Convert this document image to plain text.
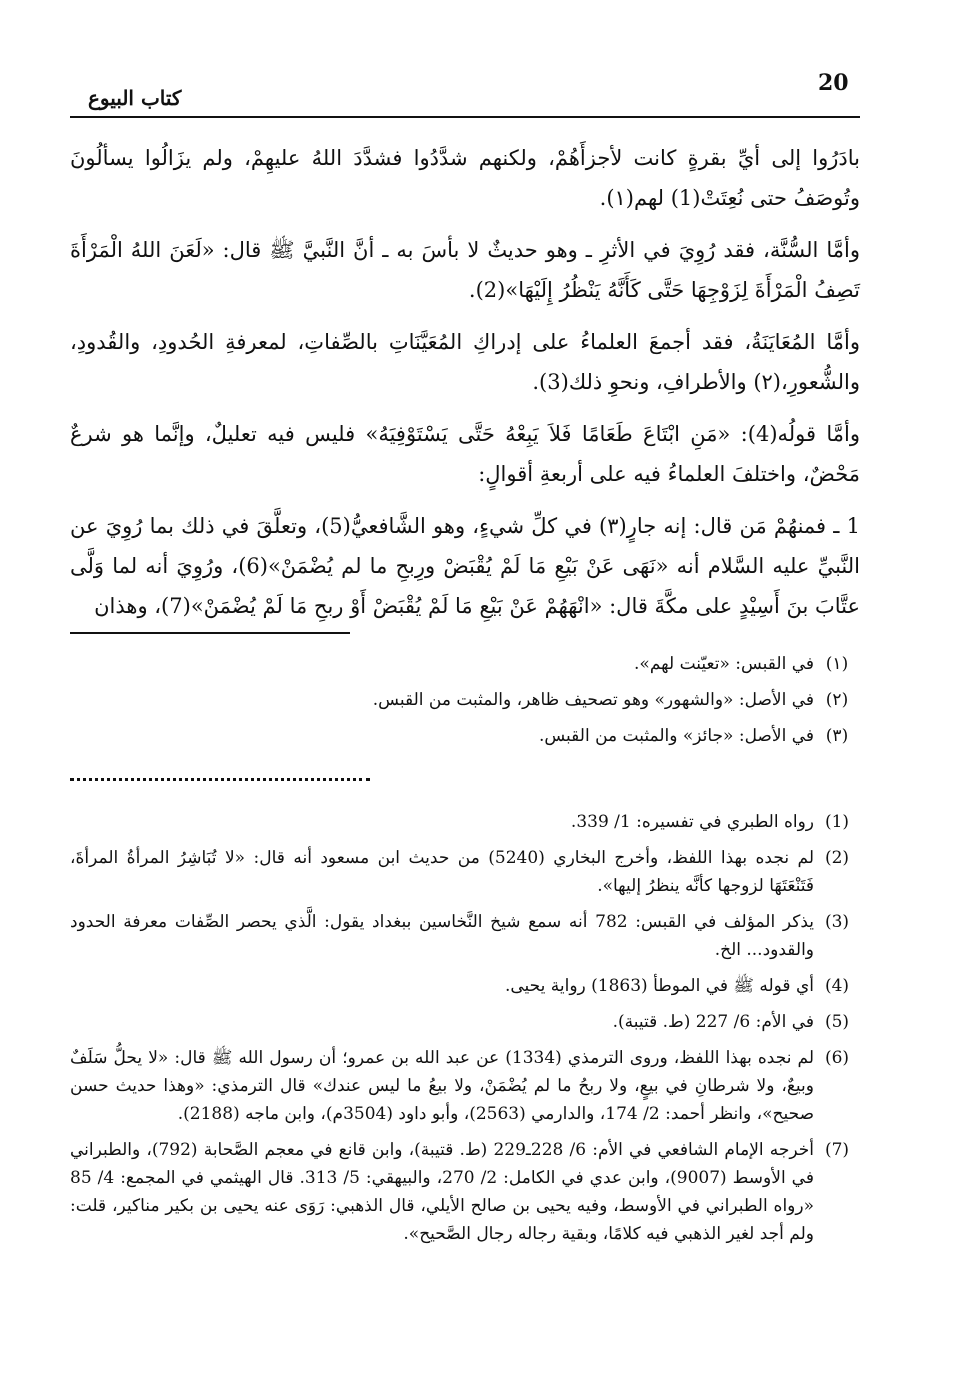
20
كتاب البيوع

بادَرُوا إلى أيِّ بقرةٍ كانت لأجزأَهُمْ، ولكنهم شدَّدُوا فشدَّدَ اللهُ عليهِمْ، ولم يزَالُوا يسألُونَ وتُوصَفُ حتى نُعِتَتْ(1) لهم(١).

وأمَّا السُّنَّة، فقد رُوِيَ في الأثرِ ـ وهو حديثٌ لا بأسَ به ـ أنَّ النَّبيَّ ﷺ قال: «لَعَنَ اللهُ الْمَرْأَةَ تَصِفُ الْمَرْأَةَ لِزَوْجِهَا حَتَّى كَأَنَّهُ يَنْظُرُ إِلَيْهَا»(2).

وأمَّا المُعَايَنَةُ، فقد أجمعَ العلماءُ على إدراكِ المُعَيَّنَاتِ بالصِّفاتِ، لمعرفةِ الحُدودِ، والقُدودِ، والشُّعورِ،(٢) والأطرافِ، ونحوِ ذلك(3).

وأمَّا قولُه(4): «مَنِ ابْتَاعَ طَعَامًا فَلاَ يَبِعْهُ حَتَّى يَسْتَوْفِيَهُ» فليس فيه تعليلٌ، وإنَّما هو شرعٌ مَحْضٌ، واختلفَ العلماءُ فيه على أربعةِ أقوالٍ:

1 ـ فمنهُمْ مَن قال: إنه جارٍ(٣) في كلِّ شيءٍ، وهو الشَّافعيُّ(5)، وتعلَّقَ في ذلك بما رُوِيَ عن النَّبيِّ عليه السَّلام أنه «نَهَى عَنْ بَيْعِ مَا لَمْ يُقْبَضْ ورِبحِ ما لم يُضْمَنْ»(6)، ورُوِيَ أنه لما وَلَّى عتَّابَ بنَ أَسِيْدٍ على مكَّةَ قال: «انْهَهُمْ عَنْ بَيْعِ مَا لَمْ يُقْبَضْ أَوْ ربحِ مَا لَمْ يُضْمَنْ»(7)، وهذان

(١)
في القبس: «تعيّنت لهم».
(٢)
في الأصل: «والشهور» وهو تصحيف ظاهر، والمثبت من القبس.
(٣)
في الأصل: «جائز» والمثبت من القبس.
(1)
رواه الطبري في تفسيره: 1/ 339.
(2)
لم نجده بهذا اللفظ، وأخرج البخاري (5240) من حديث ابن مسعود أنه قال: «لا تُبَاشِرُ المرأةُ المرأةَ، فَتَنْعَتَهَا لزوجها كأنَّه ينظرُ إليها».
(3)
يذكر المؤلف في القبس: 782 أنه سمع شيخ النَّخاسين ببغداد يقول: الَّذي يحصر الصِّفات معرفة الحدود والقدود... الخ.
(4)
أي قوله ﷺ في الموطأ (1863) رواية يحيى.
(5)
في الأم: 6/ 227 (ط. قتيبة).
(6)
لم نجده بهذا اللفظ، وروى الترمذي (1334) عن عبد الله بن عمرو؛ أن رسول الله ﷺ قال: «لا يحلُّ سَلَفٌ وبيعٌ، ولا شرطانِ في بيعٍ، ولا ربحُ ما لم يُضْمَنْ، ولا بيعُ ما ليس عندك» قال الترمذي: «وهذا حديث حسن صحيح»، وانظر أحمد: 2/ 174، والدارمي (2563)، وأبو داود (3504م)، وابن ماجه (2188).
(7)
أخرجه الإمام الشافعي في الأم: 6/ 228ـ229 (ط. قتيبة)، وابن قانع في معجم الصَّحابة (792)، والطبراني في الأوسط (9007)، وابن عدي في الكامل: 2/ 270، والبيهقي: 5/ 313. قال الهيثمي في المجمع: 4/ 85 «رواه الطبراني في الأوسط، وفيه يحيى بن صالح الأيلي، قال الذهبي: رَوَى عنه يحيى بن بكير مناكير، قلت: ولم أجد لغير الذهبي فيه كلامًا، وبقية رجاله رجال الصَّحيح».
